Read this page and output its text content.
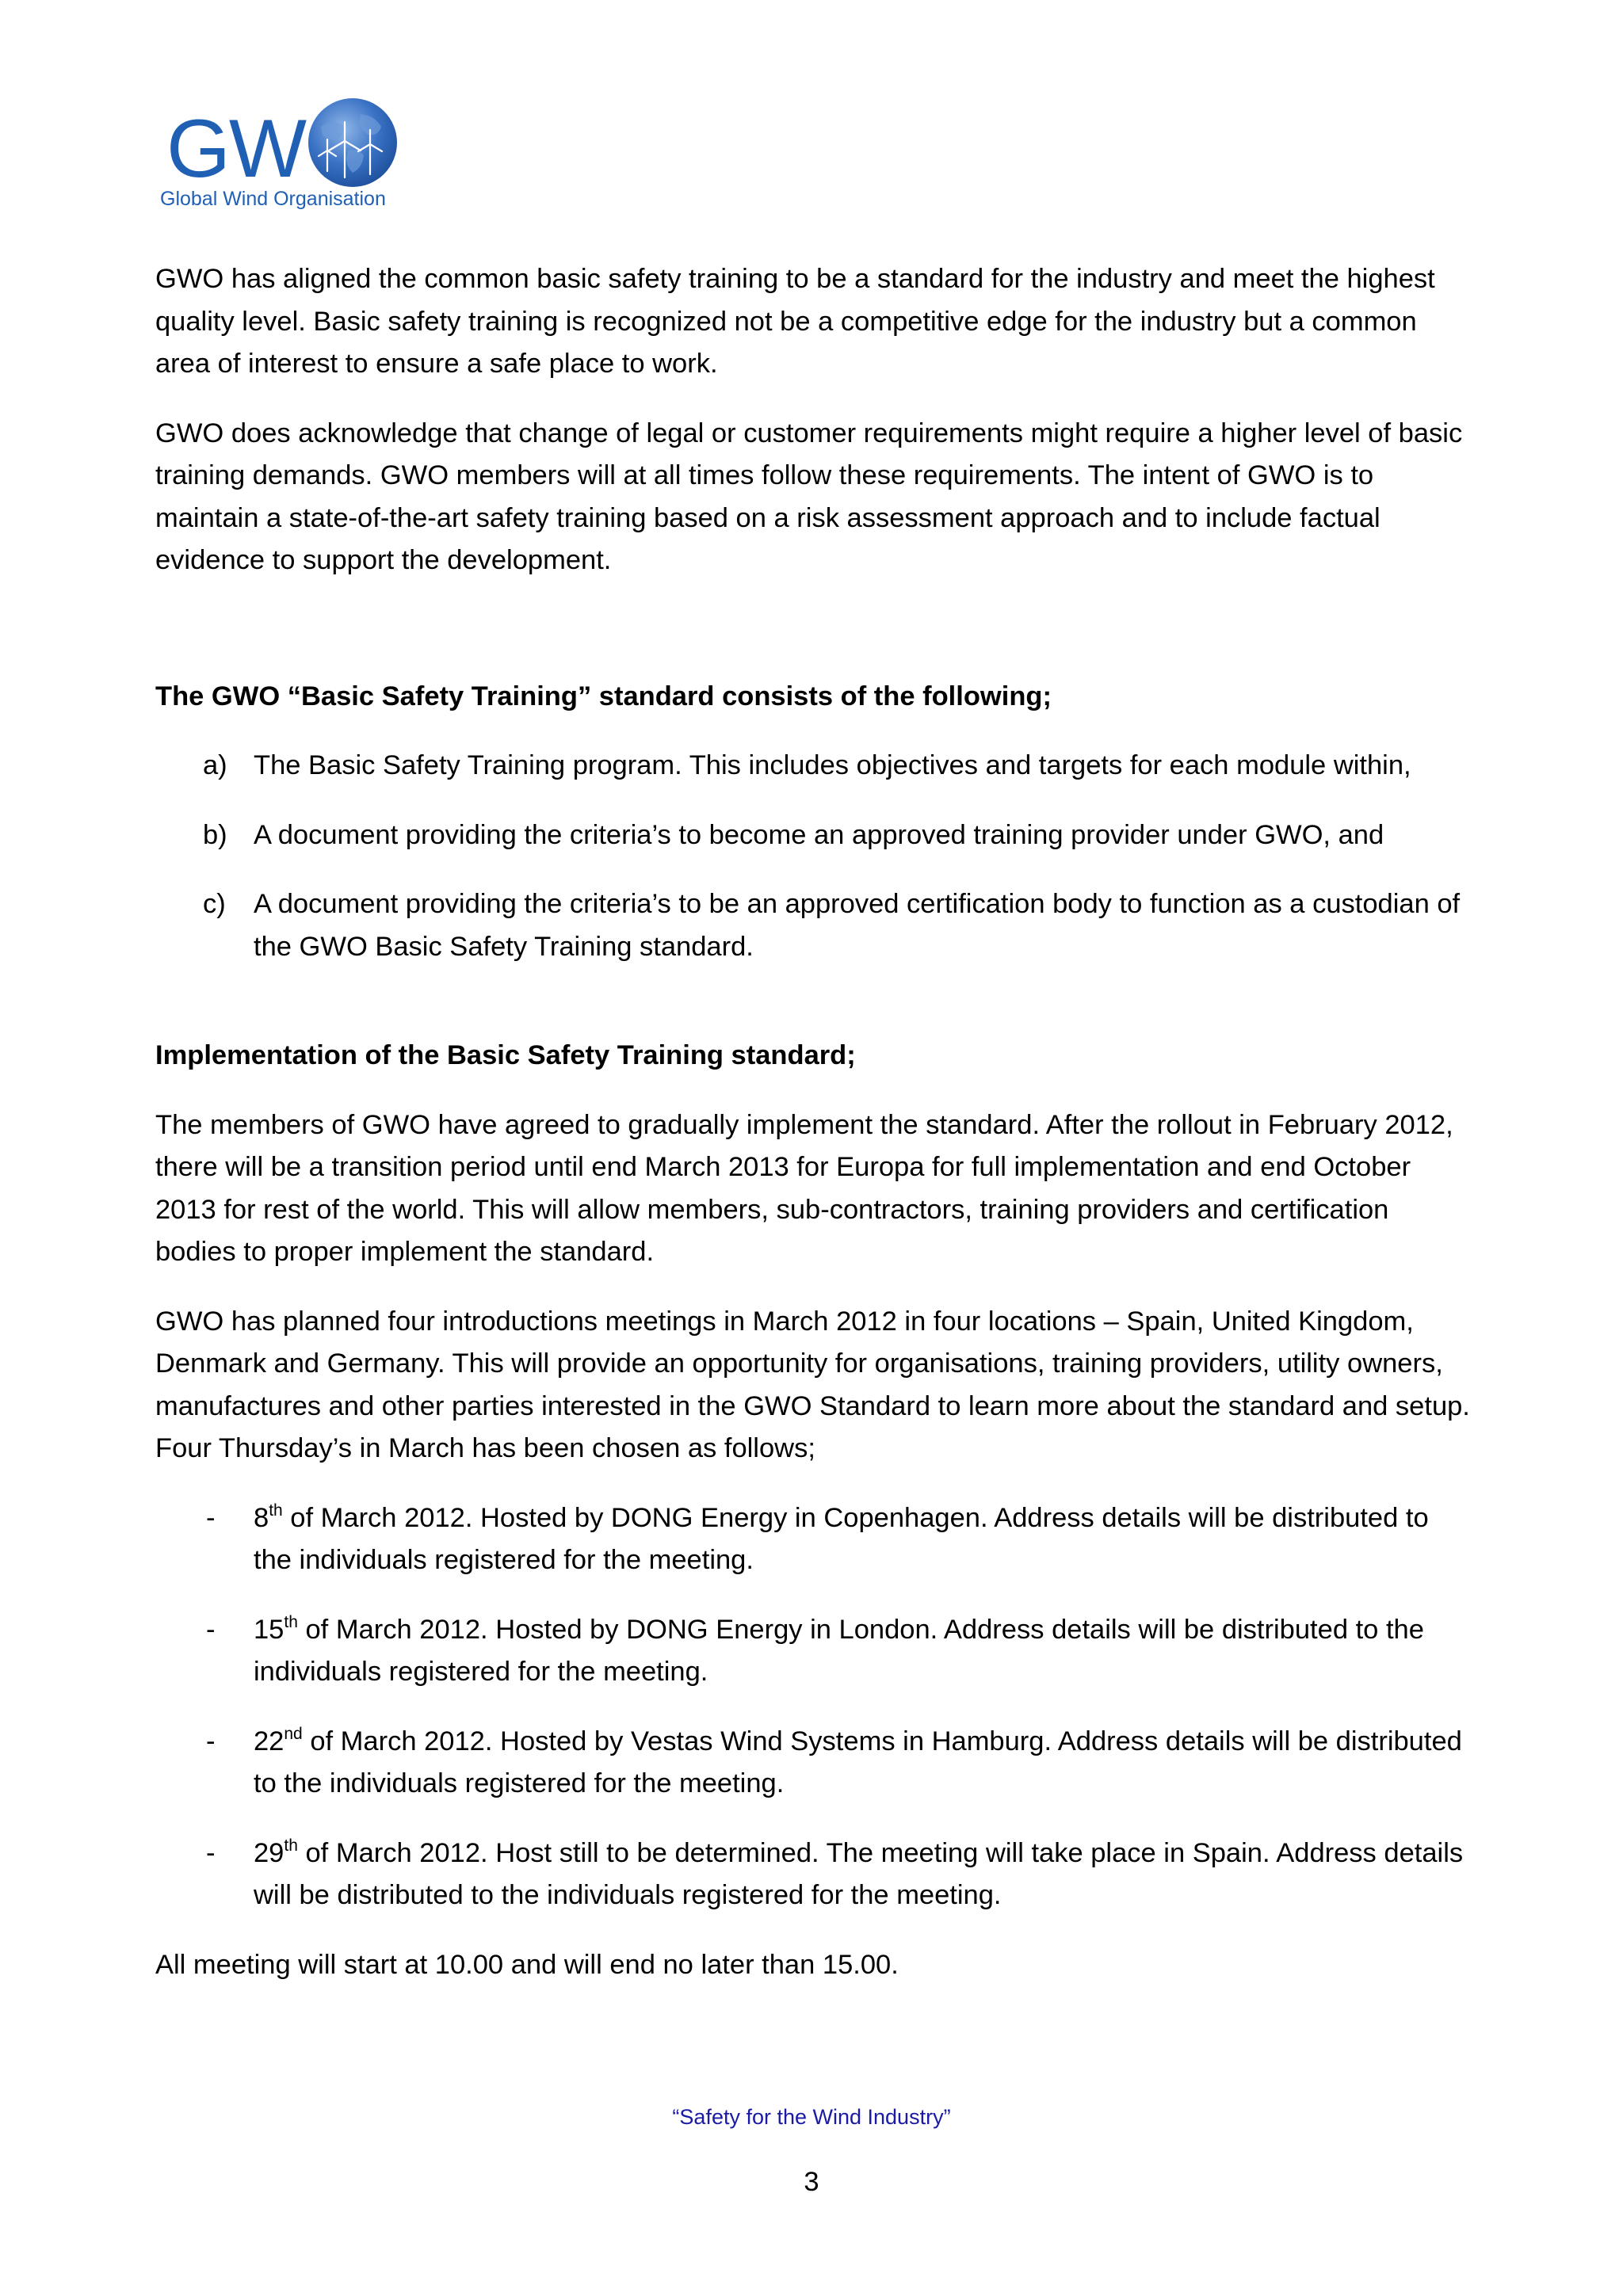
GW
Global Wind Organisation

GWO has aligned the common basic safety training to be a standard for the industry and meet the highest quality level. Basic safety training is recognized not be a competitive edge for the industry but a common area of interest to ensure a safe place to work.

GWO does acknowledge that change of legal or customer requirements might require a higher level of basic training demands. GWO members will at all times follow these requirements. The intent of GWO is to maintain a state-of-the-art safety training based on a risk assessment approach and to include factual evidence to support the development.

The GWO “Basic Safety Training” standard consists of the following;

a) The Basic Safety Training program. This includes objectives and targets for each module within,
b) A document providing the criteria’s to become an approved training provider under GWO, and
c) A document providing the criteria’s to be an approved certification body to function as a custodian of the GWO Basic Safety Training standard.

Implementation of the Basic Safety Training standard;

The members of GWO have agreed to gradually implement the standard. After the rollout in February 2012, there will be a transition period until end March 2013 for Europa for full implementation and end October 2013 for rest of the world. This will allow members, sub-contractors, training providers and certification bodies to proper implement the standard.

GWO has planned four introductions meetings in March 2012 in four locations – Spain, United Kingdom, Denmark and Germany. This will provide an opportunity for organisations, training providers, utility owners, manufactures and other parties interested in the GWO Standard to learn more about the standard and setup. Four Thursday’s in March has been chosen as follows;

- 8th of March 2012. Hosted by DONG Energy in Copenhagen. Address details will be distributed to the individuals registered for the meeting.
- 15th of March 2012. Hosted by DONG Energy in London. Address details will be distributed to the individuals registered for the meeting.
- 22nd of March 2012. Hosted by Vestas Wind Systems in Hamburg. Address details will be distributed to the individuals registered for the meeting.
- 29th of March 2012. Host still to be determined. The meeting will take place in Spain. Address details will be distributed to the individuals registered for the meeting.

All meeting will start at 10.00 and will end no later than 15.00.

“Safety for the Wind Industry”
3
